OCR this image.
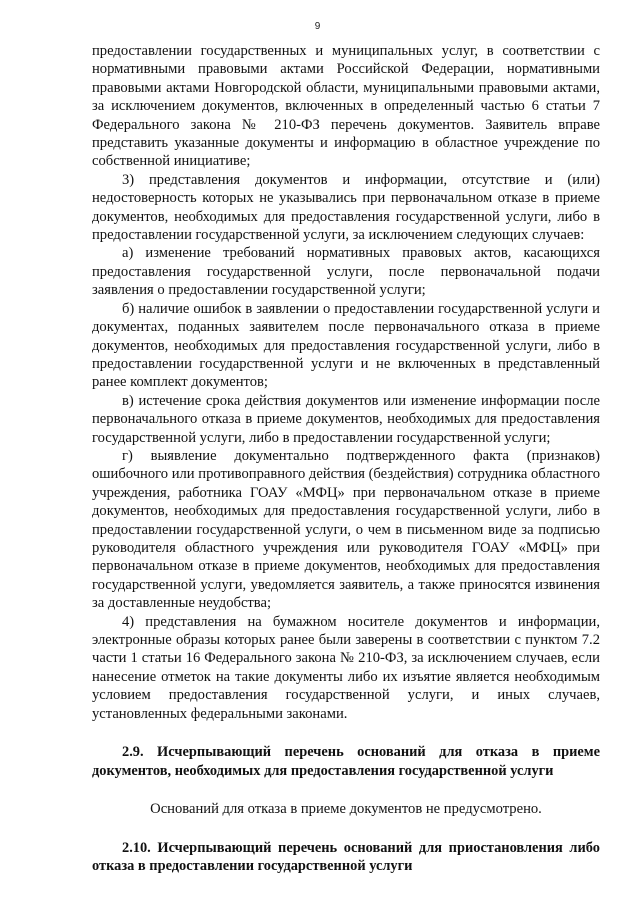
9

предоставлении государственных и муниципальных услуг, в соответствии с нормативными правовыми актами Российской Федерации, нормативными правовыми актами Новгородской области, муниципальными правовыми актами, за исключением документов, включенных в определенный частью 6 статьи 7 Федерального закона № 210-ФЗ перечень документов. Заявитель вправе представить указанные документы и информацию в областное учреждение по собственной инициативе;

3) представления документов и информации, отсутствие и (или) недостоверность которых не указывались при первоначальном отказе в приеме документов, необходимых для предоставления государственной услуги, либо в предоставлении государственной услуги, за исключением следующих случаев:

а) изменение требований нормативных правовых актов, касающихся предоставления государственной услуги, после первоначальной подачи заявления о предоставлении государственной услуги;

б) наличие ошибок в заявлении о предоставлении государственной услуги и документах, поданных заявителем после первоначального отказа в приеме документов, необходимых для предоставления государственной услуги, либо в предоставлении государственной услуги и не включенных в представленный ранее комплект документов;

в) истечение срока действия документов или изменение информации после первоначального отказа в приеме документов, необходимых для предоставления государственной услуги, либо в предоставлении государственной услуги;

г) выявление документально подтвержденного факта (признаков) ошибочного или противоправного действия (бездействия) сотрудника областного учреждения, работника ГОАУ «МФЦ» при первоначальном отказе в приеме документов, необходимых для предоставления государственной услуги, либо в предоставлении государственной услуги, о чем в письменном виде за подписью руководителя областного учреждения или руководителя ГОАУ «МФЦ» при первоначальном отказе в приеме документов, необходимых для предоставления государственной услуги, уведомляется заявитель, а также приносятся извинения за доставленные неудобства;

4) представления на бумажном носителе документов и информации, электронные образы которых ранее были заверены в соответствии с пунктом 7.2 части 1 статьи 16 Федерального закона № 210-ФЗ, за исключением случаев, если нанесение отметок на такие документы либо их изъятие является необходимым условием предоставления государственной услуги, и иных случаев, установленных федеральными законами.

2.9. Исчерпывающий перечень оснований для отказа в приеме документов, необходимых для предоставления государственной услуги

Оснований для отказа в приеме документов не предусмотрено.

2.10. Исчерпывающий перечень оснований для приостановления либо отказа в предоставлении государственной услуги
